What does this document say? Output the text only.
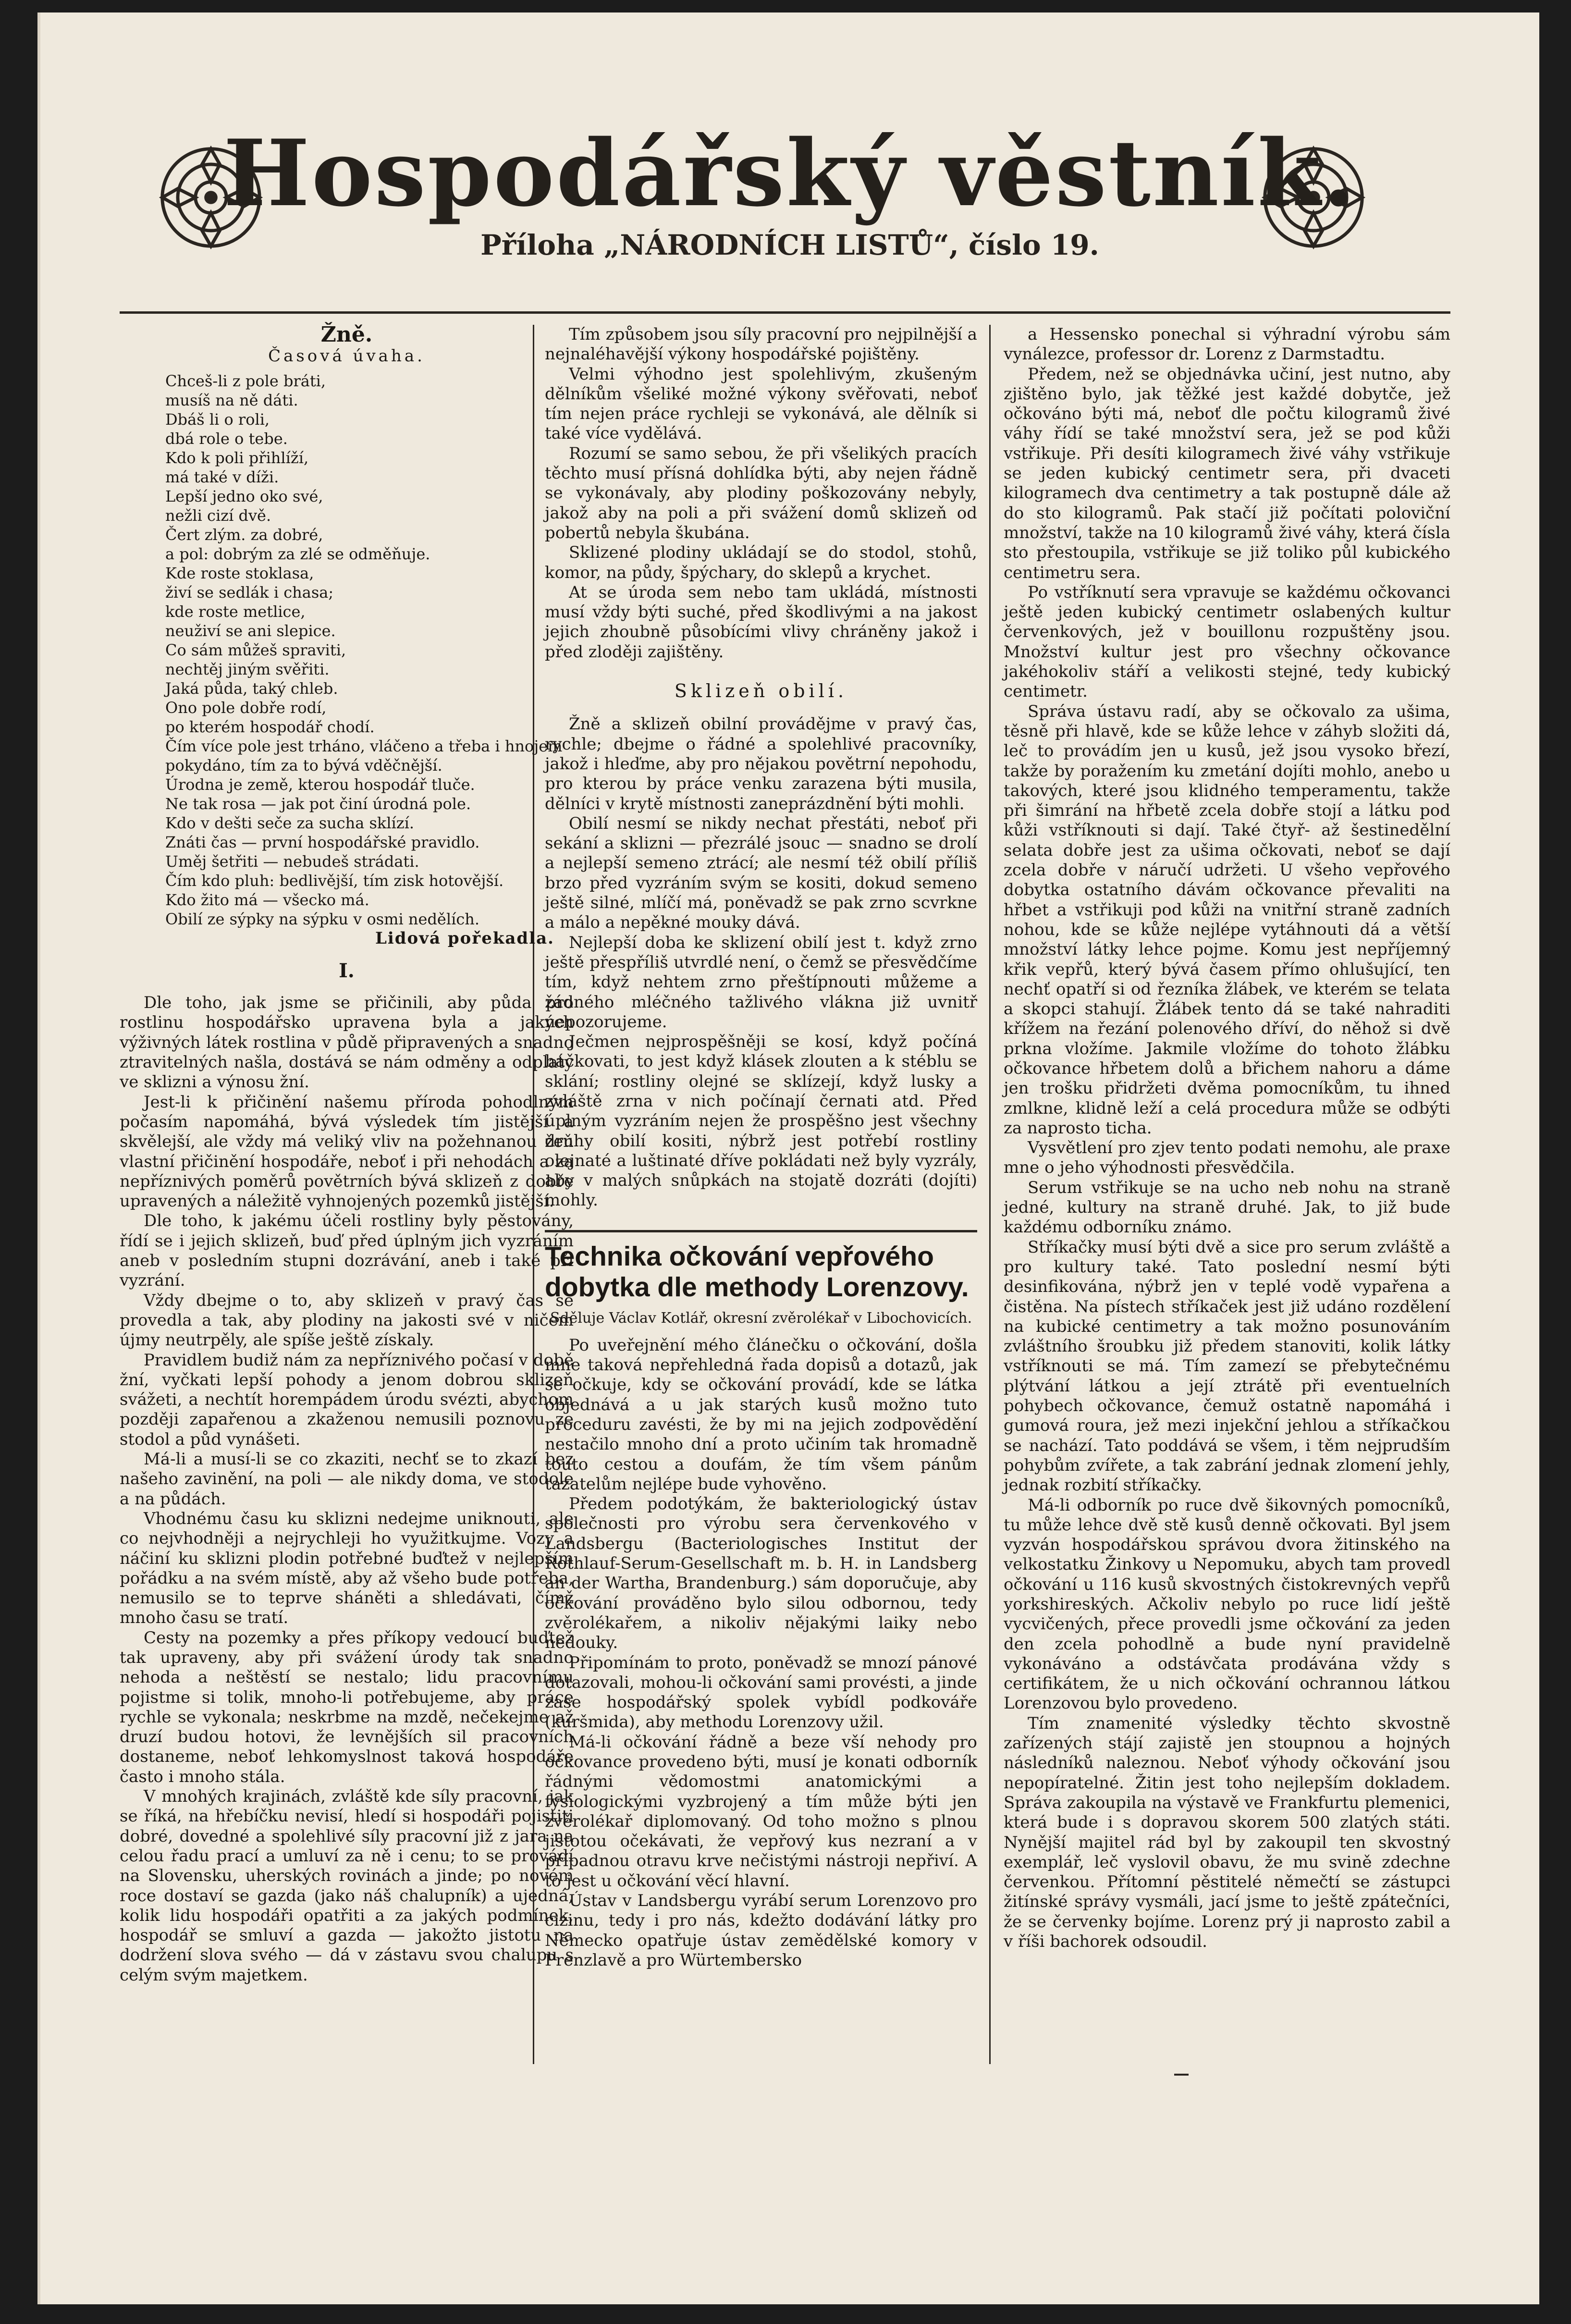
Hospodářský věstník.
Příloha „NÁRODNÍCH LISTŮ“, číslo 19.
Žně.
Časová úvaha.
Chceš-li z pole bráti,
musíš na ně dáti.
Dbáš li o roli,
dbá role o tebe.
Kdo k poli přihlíží,
má také v díži.
Lepší jedno oko své,
nežli cizí dvě.
Čert zlým. za dobré,
a pol: dobrým za zlé se odměňuje.
Kde roste stoklasa,
živí se sedlák i chasa;
kde roste metlice,
neuživí se ani slepice.
Co sám můžeš spraviti,
nechtěj jiným svěřiti.
Jaká půda, taký chleb.
Ono pole dobře rodí,
po kterém hospodář chodí.
Čím více pole jest trháno, vláčeno a třeba i hnojem pokydáno, tím za to bývá vděčnější.
Úrodna je země, kterou hospodář tluče.
Ne tak rosa — jak pot činí úrodná pole.
Kdo v dešti seče za sucha sklízí.
Znáti čas — první hospodářské pravidlo.
Uměj šetřiti — nebudeš strádati.
Čím kdo pluh: bedlivější, tím zisk hotovější.
Kdo žito má — všecko má.
Obilí ze sýpky na sýpku v osmi nedělích.
Lidová pořekadla.
I.

Dle toho, jak jsme se přičinili, aby půda pro rostlinu hospodářsko upravena byla a jakých výživných látek rostlina v půdě připravených a snadno ztravitelných našla, dostává se nám odměny a odplaty ve sklizni a výnosu žní.

Jest-li k přičinění našemu příroda pohodlným počasím napomáhá, bývá výsledek tím jistější a skvělejší, ale vždy má veliký vliv na požehnanou žeň vlastní přičinění hospodáře, neboť i při nehodách a za nepříznivých poměrů povětrních bývá sklizeň z dobře upravených a náležitě vyhnojených pozemků jistější.

Dle toho, k jakému účeli rostliny byly pěstovány, řídí se i jejich sklizeň, buď před úplným jich vyzráním aneb v posledním stupni dozrávání, aneb i také při vyzrání.

Vždy dbejme o to, aby sklizeň v pravý čas se provedla a tak, aby plodiny na jakosti své v ničem újmy neutrpěly, ale spíše ještě získaly.

Pravidlem budiž nám za nepříznivého počasí v době žní, vyčkati lepší pohody a jenom dobrou sklizeň svážeti, a nechtít horempádem úrodu svézti, abychom později zapařenou a zkaženou nemusili poznovu ze stodol a půd vynášeti.

Má-li a musí-li se co zkaziti, nechť se to zkazí bez našeho zavinění, na poli — ale nikdy doma, ve stodole a na půdách.

Vhodnému času ku sklizni nedejme uniknouti, ale co nejvhodněji a nejrychleji ho využitkujme. Vozy a náčiní ku sklizni plodin potřebné buďtež v nejlepším pořádku a na svém místě, aby až všeho bude potřeba, nemusilo se to teprve sháněti a shledávati, čímž mnoho času se tratí.

Cesty na pozemky a přes příkopy vedoucí buďtež tak upraveny, aby při svážení úrody tak snadno nehoda a neštěstí se nestalo; lidu pracovnímu pojistme si tolik, mnoho-li potřebujeme, aby práce rychle se vykonala; neskrbme na mzdě, nečekejme až druzí budou hotovi, že levnějších sil pracovních dostaneme, neboť lehkomyslnost taková hospodáře často i mnoho stála.

V mnohých krajinách, zvláště kde síly pracovní, jak se říká, na hřebíčku nevisí, hledí si hospodáři pojistiti dobré, dovedné a spolehlivé síly pracovní již z jara na celou řadu prací a umluví za ně i cenu; to se provádí na Slovensku, uherských rovinách a jinde; po novém roce dostaví se gazda (jako náš chalupník) a ujedná, kolik lidu hospodáři opatřiti a za jakých podmínek, hospodář se smluví a gazda — jakožto jistotu na dodržení slova svého — dá v zástavu svou chalupu s celým svým majetkem.

Tím způsobem jsou síly pracovní pro nejpilnější a nejnaléhavější výkony hospodářské pojištěny.

Velmi výhodno jest spolehlivým, zkušeným dělníkům všeliké možné výkony svěřovati, neboť tím nejen práce rychleji se vykonává, ale dělník si také více vydělává.

Rozumí se samo sebou, že při všelikých pracích těchto musí přísná dohlídka býti, aby nejen řádně se vykonávaly, aby plodiny poškozovány nebyly, jakož aby na poli a při svážení domů sklizeň od pobertů nebyla škubána.

Sklizené plodiny ukládají se do stodol, stohů, komor, na půdy, špýchary, do sklepů a krychet.

At se úroda sem nebo tam ukládá, místnosti musí vždy býti suché, před škodlivými a na jakost jejich zhoubně působícími vlivy chráněny jakož i před zloději zajištěny.

Sklizeň obilí.

Žně a sklizeň obilní provádějme v pravý čas, rychle; dbejme o řádné a spolehlivé pracovníky, jakož i hleďme, aby pro nějakou povětrní nepohodu, pro kterou by práce venku zarazena býti musila, dělníci v krytě místnosti zaneprázdnění býti mohli.

Obilí nesmí se nikdy nechat přestáti, neboť při sekání a sklizni — přezrálé jsouc — snadno se drolí a nejlepší semeno ztrácí; ale nesmí též obilí příliš brzo před vyzráním svým se kositi, dokud semeno ještě silné, mlíčí má, poněvadž se pak zrno scvrkne a málo a nepěkné mouky dává.

Nejlepší doba ke sklizení obilí jest t. když zrno ještě přespříliš utvrdlé není, o čemž se přesvědčíme tím, když nehtem zrno přeštípnouti můžeme a žádného mléčného tažlivého vlákna již uvnitř nepozorujeme.

Ječmen nejprospěšněji se kosí, když počíná háčkovati, to jest když klásek zlouten a k stéblu se sklání; rostliny olejné se sklízejí, když lusky a zvláště zrna v nich počínají černati atd. Před úplným vyzráním nejen že prospěšno jest všechny druhy obilí kositi, nýbrž jest potřebí rostliny olejnaté a luštinaté dříve pokládati než byly vyzrály, aby v malých snůpkách na stojatě dozráti (dojíti) mohly.

Technika očkování vepřového dobytka dle methody Lorenzovy.
Sděluje Václav Kotlář, okresní zvěrolékař v Libochovicích.

Po uveřejnění mého článečku o očkování, došla mne taková nepřehledná řada dopisů a dotazů, jak se očkuje, kdy se očkování provádí, kde se látka objednává a u jak starých kusů možno tuto proceduru zavésti, že by mi na jejich zodpovědění nestačilo mnoho dní a proto učiním tak hromadně touto cestou a doufám, že tím všem pánům tazatelům nejlépe bude vyhověno.

Předem podotýkám, že bakteriologický ústav společnosti pro výrobu sera červenkového v Landsbergu (Bacteriologisches Institut der Rothlauf-Serum-Gesellschaft m. b. H. in Landsberg an der Wartha, Brandenburg.) sám doporučuje, aby očkování prováděno bylo silou odbornou, tedy zvěrolékařem, a nikoliv nějakými laiky nebo nedouky.

Připomínám to proto, poněvadž se mnozí pánové dotazovali, mohou-li očkování sami provésti, a jinde zase hospodářský spolek vybídl podkováře (kuršmida), aby methodu Lorenzovy užil.

Má-li očkování řádně a beze vší nehody pro očkovance provedeno býti, musí je konati odborník řádnými vědomostmi anatomickými a fysiologickými vyzbrojený a tím může býti jen zvěrolékař diplomovaný. Od toho možno s plnou jistotou očekávati, že vepřový kus nezraní a v případnou otravu krve nečistými nástroji nepřiví. A to jest u očkování věcí hlavní.

Ústav v Landsbergu vyrábí serum Lorenzovo pro cizinu, tedy i pro nás, kdežto dodávání látky pro Německo opatřuje ústav zemědělské komory v Prenzlavě a pro Würtembersko

a Hessensko ponechal si výhradní výrobu sám vynálezce, professor dr. Lorenz z Darmstadtu.

Předem, než se objednávka učiní, jest nutno, aby zjištěno bylo, jak těžké jest každé dobytče, jež očkováno býti má, neboť dle počtu kilogramů živé váhy řídí se také množství sera, jež se pod kůži vstřikuje. Při desíti kilogramech živé váhy vstřikuje se jeden kubický centimetr sera, při dvaceti kilogramech dva centimetry a tak postupně dále až do sto kilogramů. Pak stačí již počítati poloviční množství, takže na 10 kilogramů živé váhy, která čísla sto přestoupila, vstřikuje se již toliko půl kubického centimetru sera.

Po vstříknutí sera vpravuje se každému očkovanci ještě jeden kubický centimetr oslabených kultur červenkových, jež v bouillonu rozpuštěny jsou. Množství kultur jest pro všechny očkovance jakéhokoliv stáří a velikosti stejné, tedy kubický centimetr.

Správa ústavu radí, aby se očkovalo za ušima, těsně při hlavě, kde se kůže lehce v záhyb složiti dá, leč to provádím jen u kusů, jež jsou vysoko březí, takže by poražením ku zmetání dojíti mohlo, anebo u takových, které jsou klidného temperamentu, takže při šimrání na hřbetě zcela dobře stojí a látku pod kůži vstříknouti si dají. Také čtyř- až šestinedělní selata dobře jest za ušima očkovati, neboť se dají zcela dobře v náručí udržeti. U všeho vepřového dobytka ostatního dávám očkovance převaliti na hřbet a vstřikuji pod kůži na vnitřní straně zadních nohou, kde se kůže nejlépe vytáhnouti dá a větší množství látky lehce pojme. Komu jest nepříjemný křik vepřů, který bývá časem přímo ohlušující, ten nechť opatří si od řezníka žlábek, ve kterém se telata a skopci stahují. Žlábek tento dá se také nahraditi křížem na řezání polenového dříví, do něhož si dvě prkna vložíme. Jakmile vložíme do tohoto žlábku očkovance hřbetem dolů a břichem nahoru a dáme jen trošku přidržeti dvěma pomocníkům, tu ihned zmlkne, klidně leží a celá procedura může se odbýti za naprosto ticha.

Vysvětlení pro zjev tento podati nemohu, ale praxe mne o jeho výhodnosti přesvědčila.

Serum vstřikuje se na ucho neb nohu na straně jedné, kultury na straně druhé. Jak, to již bude každému odborníku známo.

Stříkačky musí býti dvě a sice pro serum zvláště a pro kultury také. Tato poslední nesmí býti desinfikována, nýbrž jen v teplé vodě vypařena a čistěna. Na pístech stříkaček jest již udáno rozdělení na kubické centimetry a tak možno posunováním zvláštního šroubku již předem stanoviti, kolik látky vstříknouti se má. Tím zamezí se přebytečnému plýtvání látkou a její ztrátě při eventuelních pohybech očkovance, čemuž ostatně napomáhá i gumová roura, jež mezi injekční jehlou a stříkačkou se nachází. Tato poddává se všem, i těm nejprudším pohybům zvířete, a tak zabrání jednak zlomení jehly, jednak rozbití stříkačky.

Má-li odborník po ruce dvě šikovných pomocníků, tu může lehce dvě stě kusů denně očkovati. Byl jsem vyzván hospodářskou správou dvora žitinského na velkostatku Žinkovy u Nepomuku, abych tam provedl očkování u 116 kusů skvostných čistokrevných vepřů yorkshireských. Ačkoliv nebylo po ruce lidí ještě vycvičených, přece provedli jsme očkování za jeden den zcela pohodlně a bude nyní pravidelně vykonáváno a odstávčata prodávána vždy s certifikátem, že u nich očkování ochrannou látkou Lorenzovou bylo provedeno.

Tím znamenité výsledky těchto skvostně zařízených stájí zajistě jen stoupnou a hojných následníků naleznou. Neboť výhody očkování jsou nepopíratelné. Žitin jest toho nejlepším dokladem. Správa zakoupila na výstavě ve Frankfurtu plemenici, která bude i s dopravou skorem 500 zlatých státi. Nynější majitel rád byl by zakoupil ten skvostný exemplář, leč vyslovil obavu, že mu svině zdechne červenkou. Přítomní pěstitelé němečtí se zástupci žitínské správy vysmáli, jací jsme to ještě zpátečníci, že se červenky bojíme. Lorenz prý ji naprosto zabil a v říši bachorek odsoudil.
